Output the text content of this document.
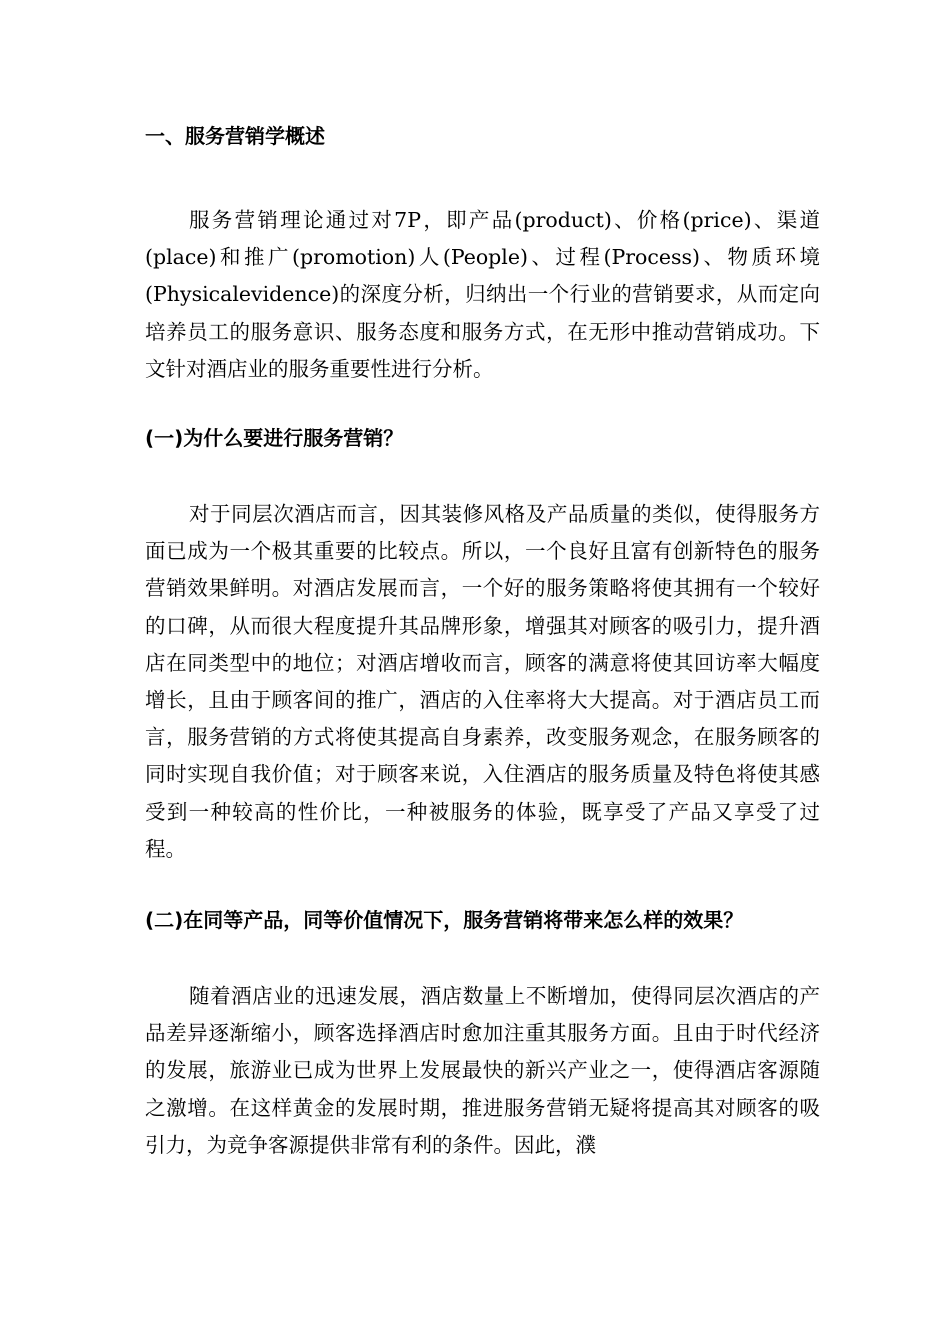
一、服务营销学概述

服务营销理论通过对7P，即产品(product)、价格(price)、渠道(place)和推广(promotion)人(People)、过程(Process)、物质环境(Physicalevidence)的深度分析，归纳出一个行业的营销要求，从而定向培养员工的服务意识、服务态度和服务方式，在无形中推动营销成功。下文针对酒店业的服务重要性进行分析。

(一)为什么要进行服务营销？

对于同层次酒店而言，因其装修风格及产品质量的类似，使得服务方面已成为一个极其重要的比较点。所以，一个良好且富有创新特色的服务营销效果鲜明。对酒店发展而言，一个好的服务策略将使其拥有一个较好的口碑，从而很大程度提升其品牌形象，增强其对顾客的吸引力，提升酒店在同类型中的地位；对酒店增收而言，顾客的满意将使其回访率大幅度增长，且由于顾客间的推广，酒店的入住率将大大提高。对于酒店员工而言，服务营销的方式将使其提高自身素养，改变服务观念，在服务顾客的同时实现自我价值；对于顾客来说，入住酒店的服务质量及特色将使其感受到一种较高的性价比，一种被服务的体验，既享受了产品又享受了过程。

(二)在同等产品，同等价值情况下，服务营销将带来怎么样的效果？

随着酒店业的迅速发展，酒店数量上不断增加，使得同层次酒店的产品差异逐渐缩小，顾客选择酒店时愈加注重其服务方面。且由于时代经济的发展，旅游业已成为世界上发展最快的新兴产业之一，使得酒店客源随之激增。在这样黄金的发展时期，推进服务营销无疑将提高其对顾客的吸引力，为竞争客源提供非常有利的条件。因此，濮
